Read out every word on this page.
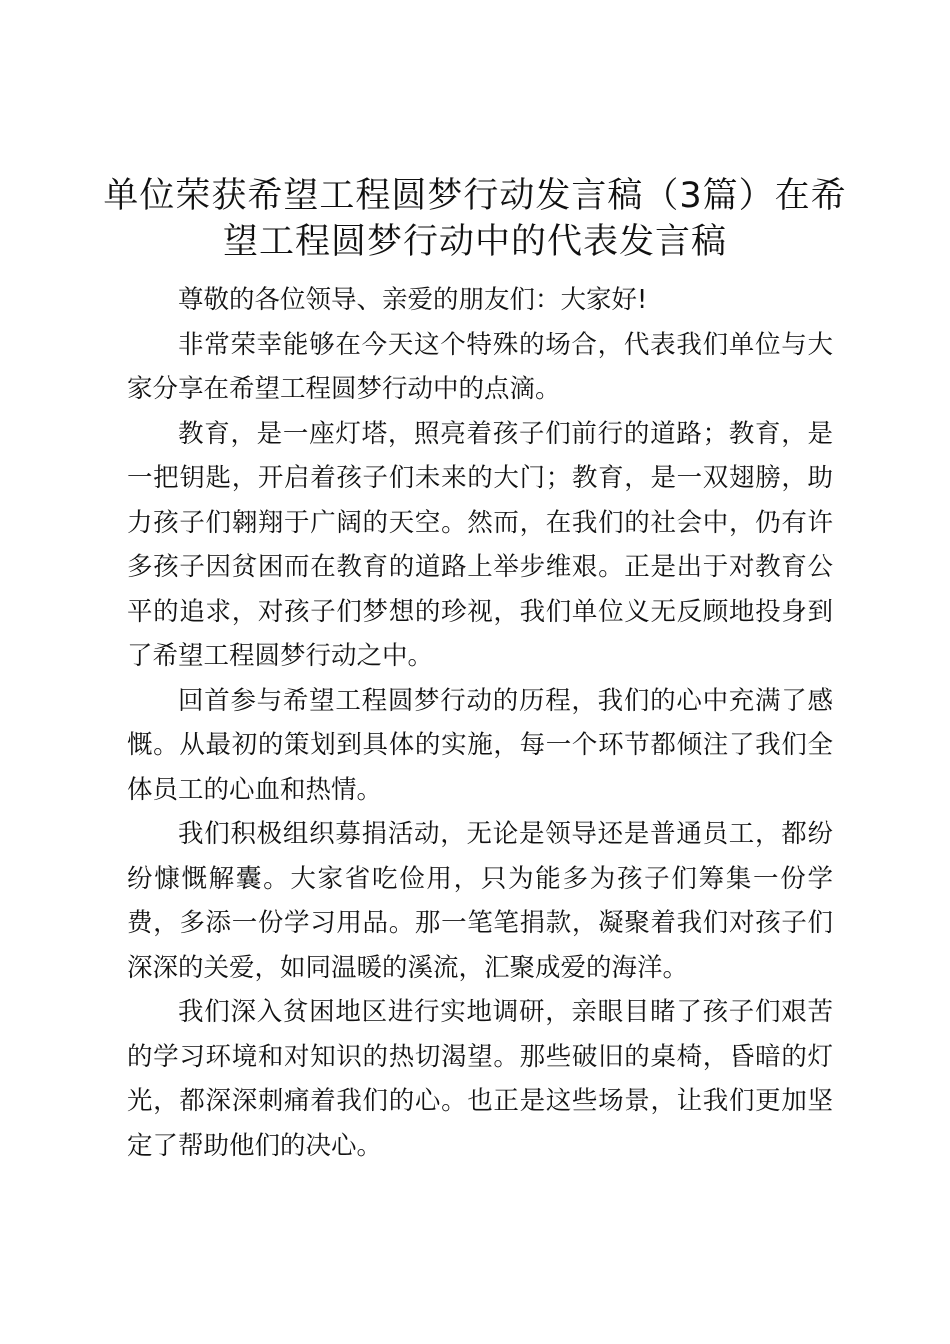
单位荣获希望工程圆梦行动发言稿（3篇）在希望工程圆梦行动中的代表发言稿

尊敬的各位领导、亲爱的朋友们：大家好!

非常荣幸能够在今天这个特殊的场合，代表我们单位与大家分享在希望工程圆梦行动中的点滴。

教育，是一座灯塔，照亮着孩子们前行的道路；教育，是一把钥匙，开启着孩子们未来的大门；教育，是一双翅膀，助力孩子们翱翔于广阔的天空。然而，在我们的社会中，仍有许多孩子因贫困而在教育的道路上举步维艰。正是出于对教育公平的追求，对孩子们梦想的珍视，我们单位义无反顾地投身到了希望工程圆梦行动之中。

回首参与希望工程圆梦行动的历程，我们的心中充满了感慨。从最初的策划到具体的实施，每一个环节都倾注了我们全体员工的心血和热情。

我们积极组织募捐活动，无论是领导还是普通员工，都纷纷慷慨解囊。大家省吃俭用，只为能多为孩子们筹集一份学费，多添一份学习用品。那一笔笔捐款，凝聚着我们对孩子们深深的关爱，如同温暖的溪流，汇聚成爱的海洋。

我们深入贫困地区进行实地调研，亲眼目睹了孩子们艰苦的学习环境和对知识的热切渴望。那些破旧的桌椅，昏暗的灯光，都深深刺痛着我们的心。也正是这些场景，让我们更加坚定了帮助他们的决心。
